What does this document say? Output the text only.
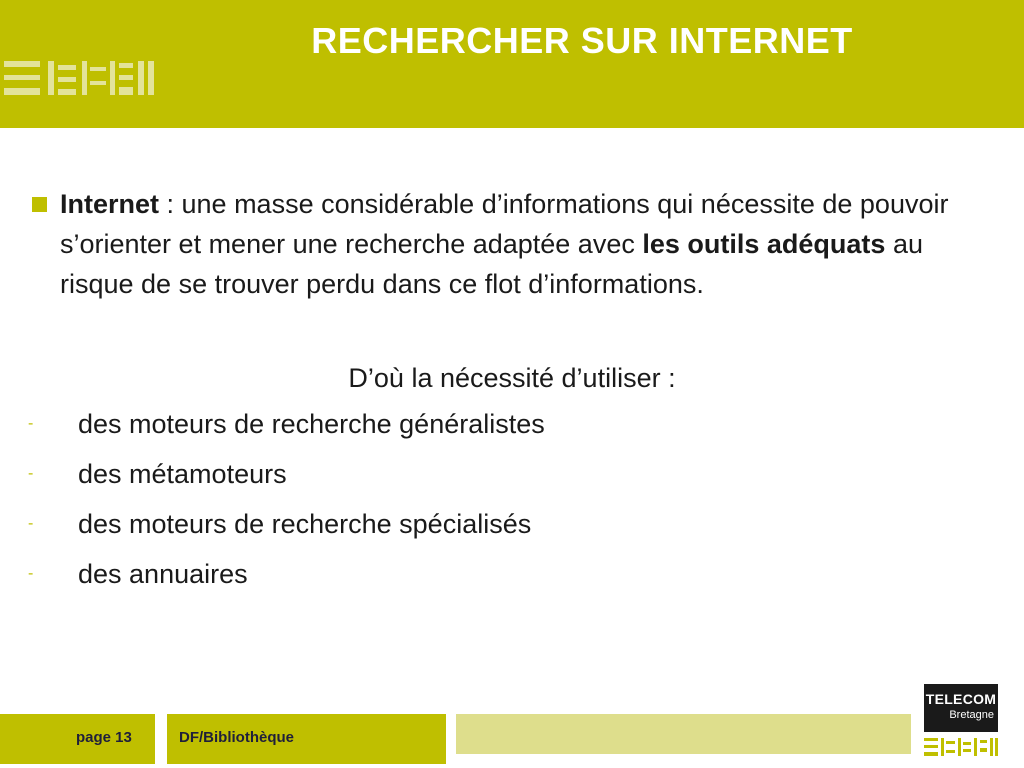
RECHERCHER SUR INTERNET
Internet : une masse considérable d’informations qui nécessite de pouvoir s’orienter et mener une recherche adaptée avec les outils adéquats au risque de se trouver perdu dans ce flot d’informations.
D’où la nécessité d’utiliser :
- des moteurs de recherche généralistes
- des métamoteurs
- des moteurs de recherche spécialisés
- des annuaires
page 13	DF/Bibliothèque
TELECOM
Bretagne
